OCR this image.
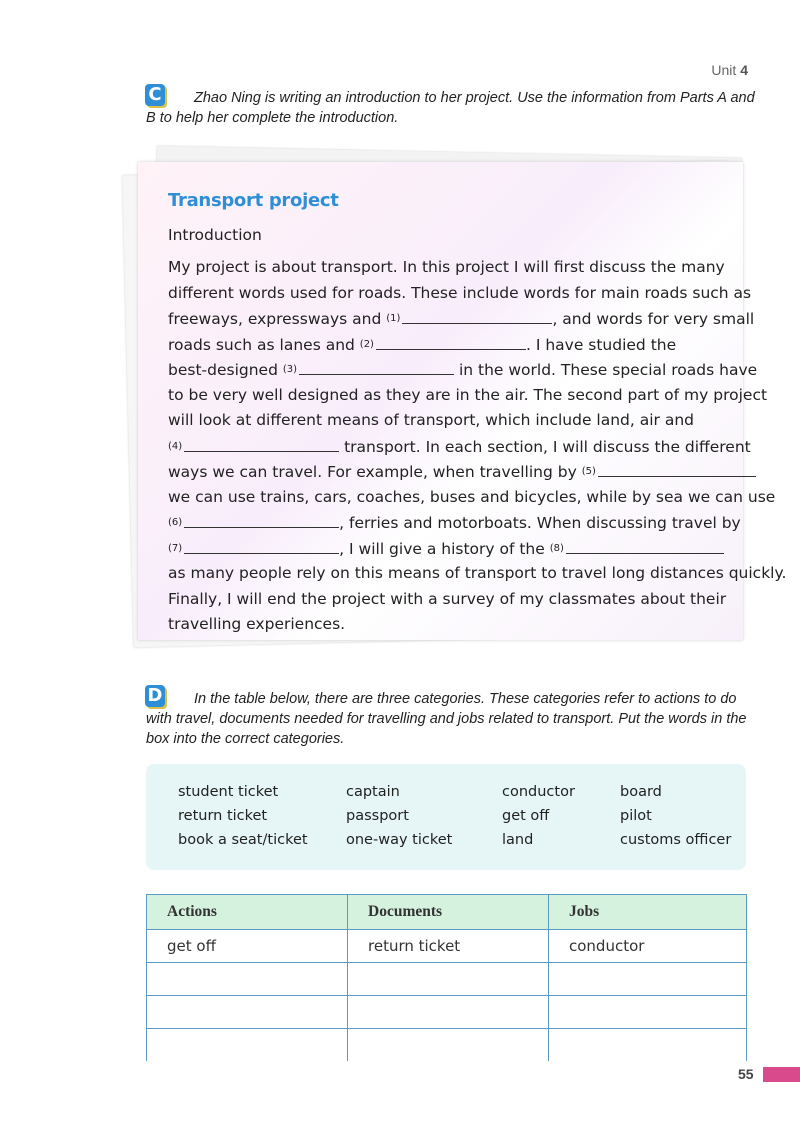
Unit 4
C	Zhao Ning is writing an introduction to her project. Use the information from Parts A and B to help her complete the introduction.
Transport project
Introduction
My project is about transport. In this project I will first discuss the many
different words used for roads. These include words for main roads such as
freeways, expressways and (1)	, and words for very small
roads such as lanes and (2)	. I have studied the
best-designed (3)	in the world. These special roads have
to be very well designed as they are in the air. The second part of my project
will look at different means of transport, which include land, air and
(4)	transport. In each section, I will discuss the different
ways we can travel. For example, when travelling by (5)
we can use trains, cars, coaches, buses and bicycles, while by sea we can use
(6)	, ferries and motorboats. When discussing travel by
(7)	, I will give a history of the (8)
as many people rely on this means of transport to travel long distances quickly.
Finally, I will end the project with a survey of my classmates about their
travelling experiences.
D	In the table below, there are three categories. These categories refer to actions to do with travel, documents needed for travelling and jobs related to transport. Put the words in the box into the correct categories.
student ticket	captain	conductor	board
return ticket	passport	get off	pilot
book a seat/ticket	one-way ticket	land	customs officer
Actions	Documents	Jobs
get off	return ticket	conductor

55
